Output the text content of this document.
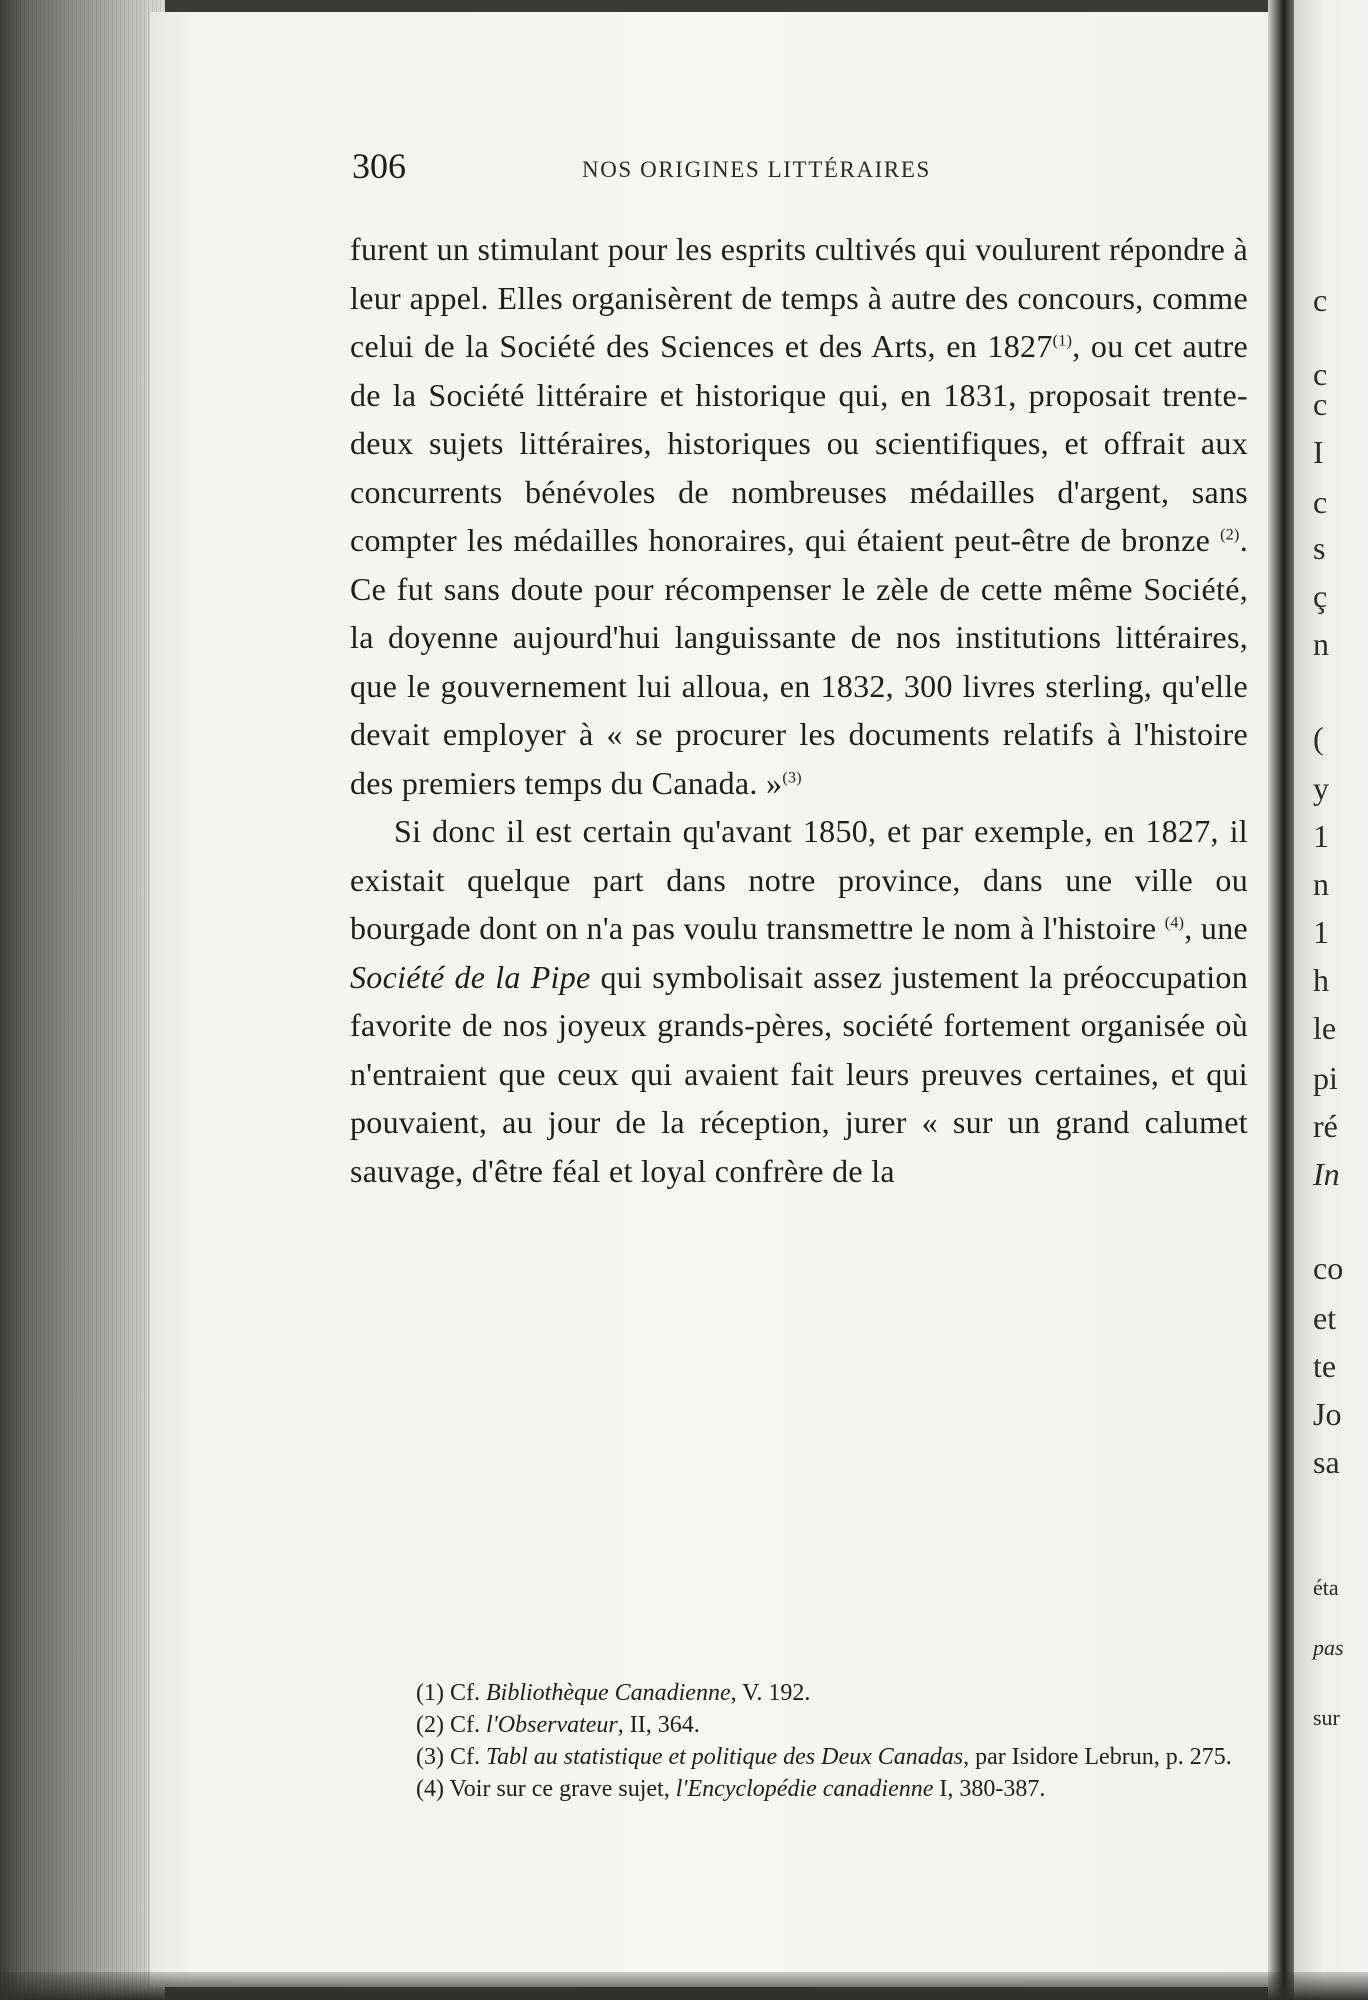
306	NOS ORIGINES LITTÉRAIRES

furent un stimulant pour les esprits cultivés qui voulurent répondre à leur appel. Elles organisèrent de temps à autre des concours, comme celui de la Société des Sciences et des Arts, en 1827$^{(1)}$, ou cet autre de la Société littéraire et historique qui, en 1831, proposait trente-deux sujets littéraires, historiques ou scientifiques, et offrait aux concurrents bénévoles de nombreuses médailles d'argent, sans compter les médailles honoraires, qui étaient peut-être de bronze $^{(2)}$. Ce fut sans doute pour récompenser le zèle de cette même Société, la doyenne aujourd'hui languissante de nos institutions littéraires, que le gouvernement lui alloua, en 1832, 300 livres sterling, qu'elle devait employer à « se procurer les documents relatifs à l'histoire des premiers temps du Canada. »$^{(3)}$

Si donc il est certain qu'avant 1850, et par exemple, en 1827, il existait quelque part dans notre province, dans une ville ou bourgade dont on n'a pas voulu transmettre le nom à l'histoire $^{(4)}$, une Société de la Pipe qui symbolisait assez justement la préoccupation favorite de nos joyeux grands-pères, société fortement organisée où n'entraient que ceux qui avaient fait leurs preuves certaines, et qui pouvaient, au jour de la réception, jurer « sur un grand calumet sauvage, d'être féal et loyal confrère de la

(1) Cf. Bibliothèque Canadienne, V. 192.

(2) Cf. l'Observateur, II, 364.

(3) Cf. Tabl au statistique et politique des Deux Canadas, par Isidore Lebrun, p. 275.

(4) Voir sur ce grave sujet, l'Encyclopédie canadienne I, 380-387.

c
c
c
I
c
s
ç
n
(
y
1
n
1
h
le
pi
ré
In
co
et
te
Jo
sa
éta
pas
sur
